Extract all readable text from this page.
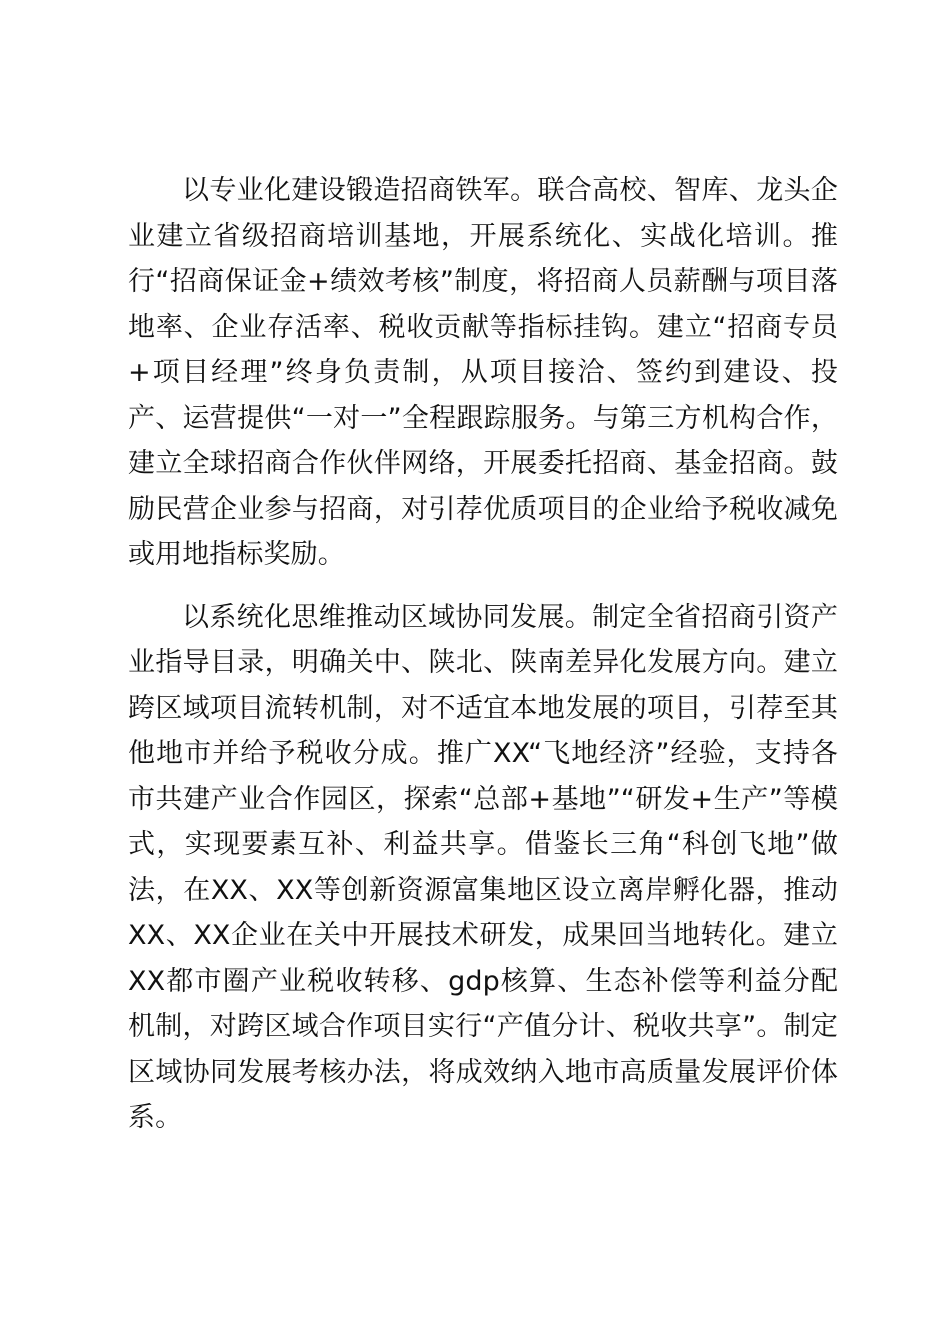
以专业化建设锻造招商铁军。联合高校、智库、龙头企业建立省级招商培训基地，开展系统化、实战化培训。推行“招商保证金+绩效考核”制度，将招商人员薪酬与项目落地率、企业存活率、税收贡献等指标挂钩。建立“招商专员+项目经理”终身负责制，从项目接洽、签约到建设、投产、运营提供“一对一”全程跟踪服务。与第三方机构合作，建立全球招商合作伙伴网络，开展委托招商、基金招商。鼓励民营企业参与招商，对引荐优质项目的企业给予税收减免或用地指标奖励。

以系统化思维推动区域协同发展。制定全省招商引资产业指导目录，明确关中、陕北、陕南差异化发展方向。建立跨区域项目流转机制，对不适宜本地发展的项目，引荐至其他地市并给予税收分成。推广XX“飞地经济”经验，支持各市共建产业合作园区，探索“总部+基地”“研发+生产”等模式，实现要素互补、利益共享。借鉴长三角“科创飞地”做法，在XX、XX等创新资源富集地区设立离岸孵化器，推动XX、XX企业在关中开展技术研发，成果回当地转化。建立XX都市圈产业税收转移、gdp核算、生态补偿等利益分配机制，对跨区域合作项目实行“产值分计、税收共享”。制定区域协同发展考核办法，将成效纳入地市高质量发展评价体系。
